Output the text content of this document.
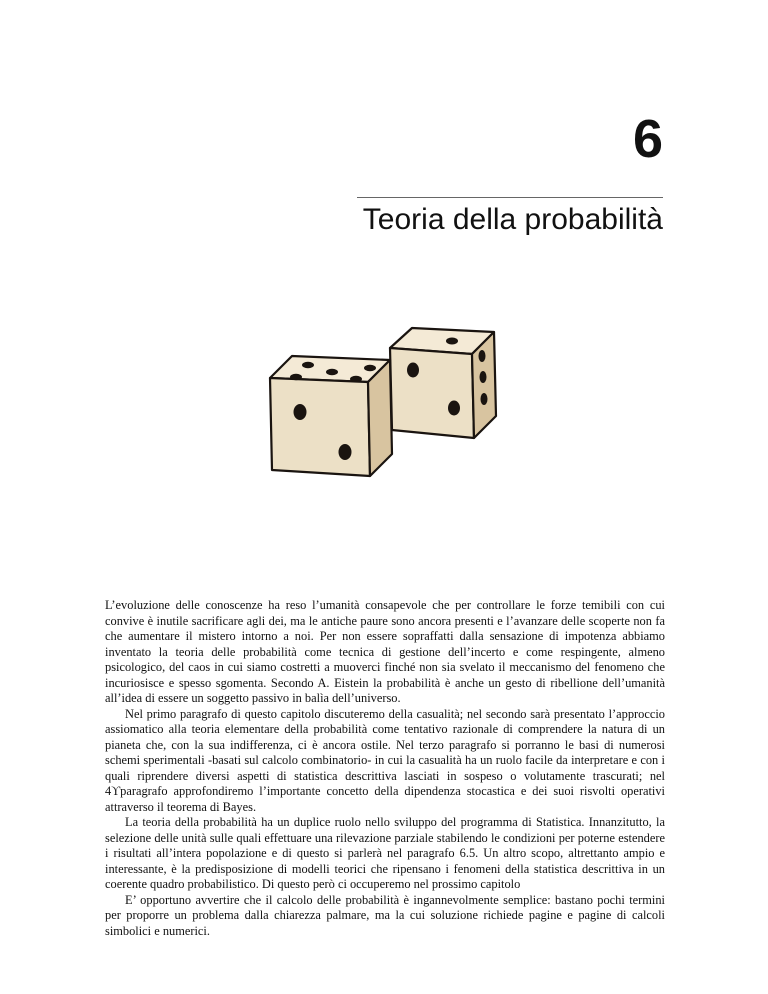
6
Teoria della probabilità

L’evoluzione delle conoscenze ha reso l’umanità consapevole che per controllare le forze temibili con cui convive è inutile sacrificare agli dei, ma le antiche paure sono ancora presenti e l’avanzare delle scoperte non fa che aumentare il mistero intorno a noi. Per non essere sopraffatti dalla sensazione di impotenza abbiamo inventato la teoria delle probabilità come tecnica di gestione dell’incerto e come respingente, almeno psicologico, del caos in cui siamo costretti a muoverci finché non sia svelato il meccanismo del fenomeno che incuriosisce e spesso sgomenta. Secondo A. Eistein la probabilità è anche un gesto di ribellione dell’umanità all’idea di essere un soggetto passivo in balìa dell’universo.

Nel primo paragrafo di questo capitolo discuteremo della casualità; nel secondo sarà presentato l’approccio assiomatico alla teoria elementare della probabilità come tentativo razionale di comprendere la natura di un pianeta che, con la sua indifferenza, ci è ancora ostile. Nel terzo paragrafo si porranno le basi di numerosi schemi sperimentali -basati sul calcolo combinatorio- in cui la casualità ha un ruolo facile da interpretare e con i quali riprendere diversi aspetti di statistica descrittiva lasciati in sospeso o volutamente trascurati; nel 4ϒparagrafo approfondiremo l’importante concetto della dipendenza stocastica e dei suoi risvolti operativi attraverso il teorema di Bayes.

La teoria della probabilità ha un duplice ruolo nello sviluppo del programma di Statistica. Innanzitutto, la selezione delle unità sulle quali effettuare una rilevazione parziale stabilendo le condizioni per poterne estendere i risultati all’intera popolazione e di questo si parlerà nel paragrafo 6.5. Un altro scopo, altrettanto ampio e interessante, è la predisposizione di modelli teorici che ripensano i fenomeni della statistica descrittiva in un coerente quadro probabilistico. Di questo però ci occuperemo nel prossimo capitolo

E’ opportuno avvertire che il calcolo delle probabilità è ingannevolmente semplice: bastano pochi termini per proporre un problema dalla chiarezza palmare, ma la cui soluzione richiede pagine e pagine di calcoli simbolici e numerici.
